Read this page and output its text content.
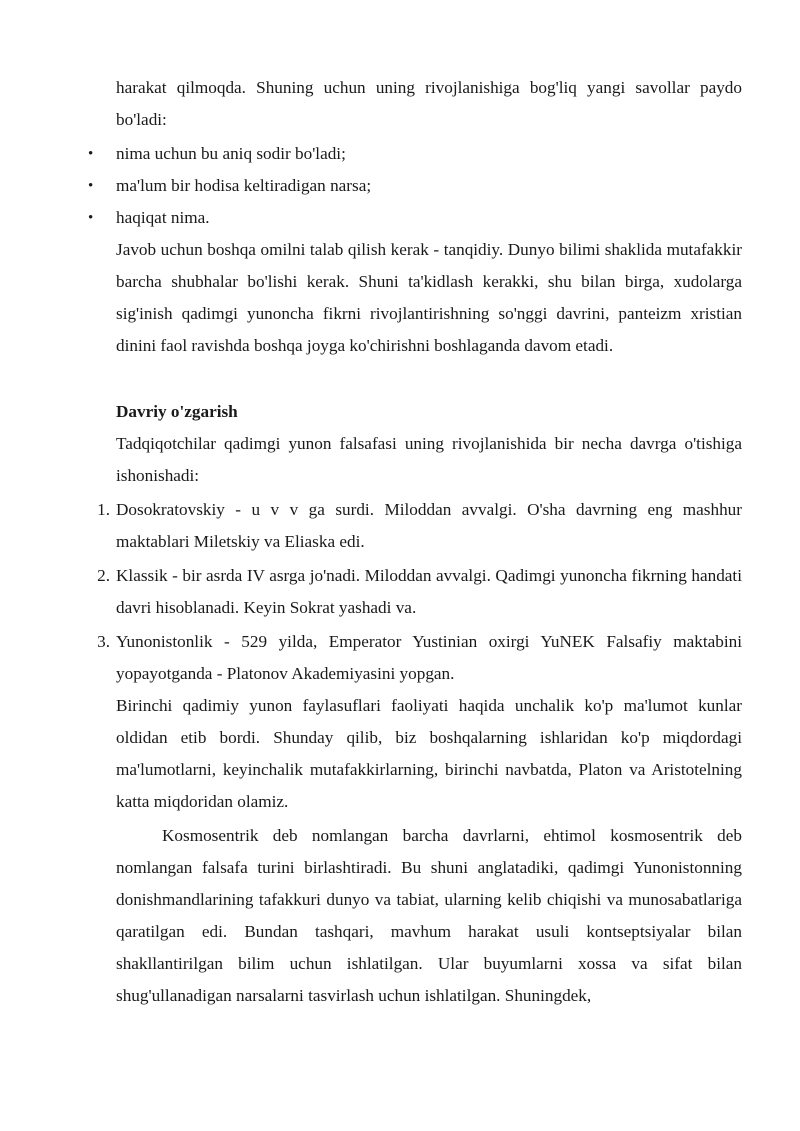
harakat qilmoqda. Shuning uchun uning rivojlanishiga bog'liq yangi savollar paydo bo'ladi:

• nima uchun bu aniq sodir bo'ladi;
• ma'lum bir hodisa keltiradigan narsa;
• haqiqat nima.

Javob uchun boshqa omilni talab qilish kerak - tanqidiy. Dunyo bilimi shaklida mutafakkir barcha shubhalar bo'lishi kerak. Shuni ta'kidlash kerakki, shu bilan birga, xudolarga sig'inish qadimgi yunoncha fikrni rivojlantirishning so'nggi davrini, panteizm xristian dinini faol ravishda boshqa joyga ko'chirishni boshlaganda davom etadi.

Davriy o'zgarish

Tadqiqotchilar qadimgi yunon falsafasi uning rivojlanishida bir necha davrga o'tishiga ishonishadi:

1. Dosokratovskiy - u v v ga surdi. Miloddan avvalgi. O'sha davrning eng mashhur maktablari Miletskiy va Eliaska edi.
2. Klassik - bir asrda IV asrga jo'nadi. Miloddan avvalgi. Qadimgi yunoncha fikrning handati davri hisoblanadi. Keyin Sokrat yashadi va.
3. Yunonistonlik - 529 yilda, Emperator Yustinian oxirgi YuNEK Falsafiy maktabini yopayotganda - Platonov Akademiyasini yopgan.

Birinchi qadimiy yunon faylasuflari faoliyati haqida unchalik ko'p ma'lumot kunlar oldidan etib bordi. Shunday qilib, biz boshqalarning ishlaridan ko'p miqdordagi ma'lumotlarni, keyinchalik mutafakkirlarning, birinchi navbatda, Platon va Aristotelning katta miqdoridan olamiz.

Kosmosentrik deb nomlangan barcha davrlarni, ehtimol kosmosentrik deb nomlangan falsafa turini birlashtiradi. Bu shuni anglatadiki, qadimgi Yunonistonning donishmandlarining tafakkuri dunyo va tabiat, ularning kelib chiqishi va munosabatlariga qaratilgan edi. Bundan tashqari, mavhum harakat usuli kontseptsiyalar bilan shakllantirilgan bilim uchun ishlatilgan. Ular buyumlarni xossa va sifat bilan shug'ullanadigan narsalarni tasvirlash uchun ishlatilgan. Shuningdek,
